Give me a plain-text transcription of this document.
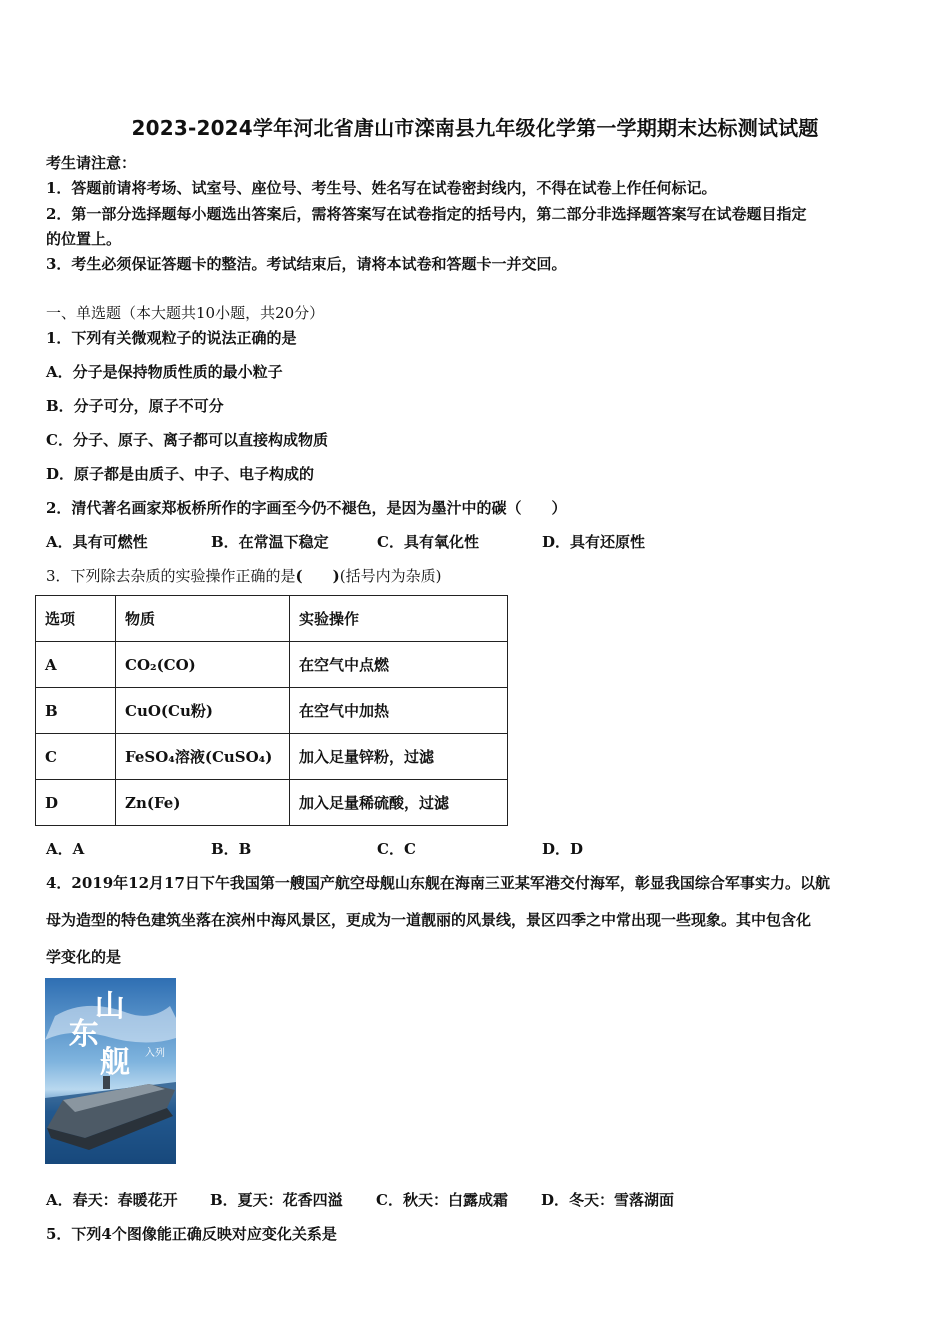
2023-2024学年河北省唐山市滦南县九年级化学第一学期期末达标测试试题
考生请注意：
1．答题前请将考场、试室号、座位号、考生号、姓名写在试卷密封线内，不得在试卷上作任何标记。
2．第一部分选择题每小题选出答案后，需将答案写在试卷指定的括号内，第二部分非选择题答案写在试卷题目指定
的位置上。
3．考生必须保证答题卡的整洁。考试结束后，请将本试卷和答题卡一并交回。
一、单选题（本大题共10小题，共20分）
1．下列有关微观粒子的说法正确的是
A．分子是保持物质性质的最小粒子
B．分子可分，原子不可分
C．分子、原子、离子都可以直接构成物质
D．原子都是由质子、中子、电子构成的
2．清代著名画家郑板桥所作的字画至今仍不褪色，是因为墨汁中的碳（　　）
A．具有可燃性	B．在常温下稳定	C．具有氧化性	D．具有还原性
3．下列除去杂质的实验操作正确的是(　　)(括号内为杂质)
选项	物质	实验操作
A	CO₂(CO)	在空气中点燃
B	CuO(Cu粉)	在空气中加热
C	FeSO₄溶液(CuSO₄)	加入足量锌粉，过滤
D	Zn(Fe)	加入足量稀硫酸，过滤
A．A	B．B	C．C	D．D
4．2019年12月17日下午我国第一艘国产航空母舰山东舰在海南三亚某军港交付海军，彰显我国综合军事实力。以航
母为造型的特色建筑坐落在滨州中海风景区，更成为一道靓丽的风景线，景区四季之中常出现一些现象。其中包含化
学变化的是
山 东 舰	入列
A．春天：春暖花开 B．夏天：花香四溢 C．秋天：白露成霜 D．冬天：雪落湖面
5．下列4个图像能正确反映对应变化关系是
